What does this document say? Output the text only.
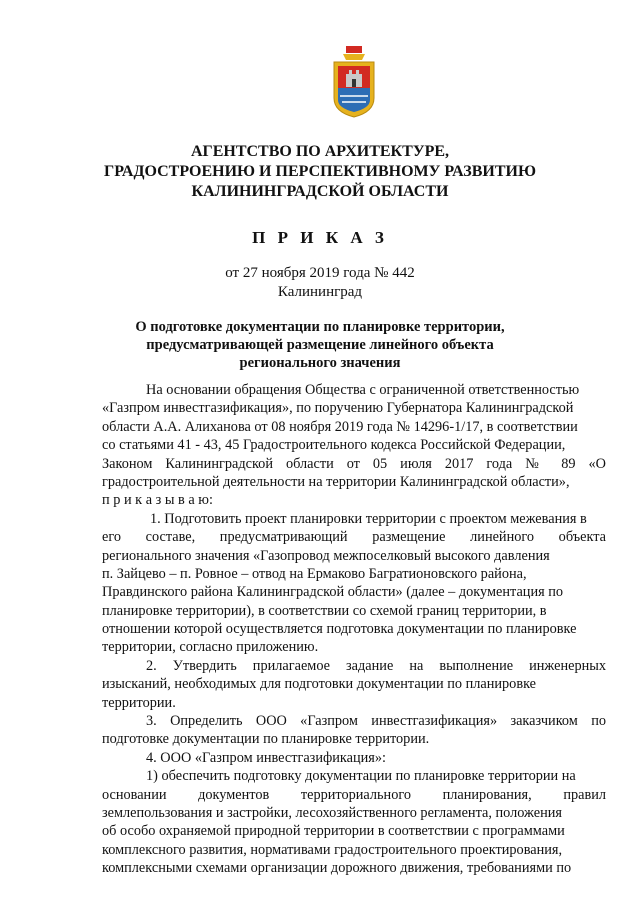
АГЕНТСТВО ПО АРХИТЕКТУРЕ,
ГРАДОСТРОЕНИЮ И ПЕРСПЕКТИВНОМУ РАЗВИТИЮ
КАЛИНИНГРАДСКОЙ ОБЛАСТИ
П Р И К А З
от 27 ноября 2019 года № 442
Калининград
О подготовке документации по планировке территории,
предусматривающей размещение линейного объекта
регионального значения
На основании обращения Общества с ограниченной ответственностью
«Газпром инвестгазификация», по поручению Губернатора Калининградской
области А.А. Алиханова от 08 ноября 2019 года № 14296-1/17, в соответствии
со статьями 41 - 43, 45 Градостроительного кодекса Российской Федерации,
Законом Калининградской области от 05 июля 2017 года № 89 «О
градостроительной деятельности на территории Калининградской области»,
п р и к а з ы в а ю:
1. Подготовить проект планировки территории с проектом межевания в
его составе, предусматривающий размещение линейного объекта
регионального значения «Газопровод межпоселковый высокого давления
п. Зайцево – п. Ровное – отвод на Ермаково Багратионовского района,
Правдинского района Калининградской области» (далее – документация по
планировке территории), в соответствии со схемой границ территории, в
отношении которой осуществляется подготовка документации по планировке
территории, согласно приложению.
2. Утвердить прилагаемое задание на выполнение инженерных
изысканий, необходимых для подготовки документации по планировке
территории.
3. Определить ООО «Газпром инвестгазификация» заказчиком по
подготовке документации по планировке территории.
4. ООО «Газпром инвестгазификация»:
1) обеспечить подготовку документации по планировке территории на
основании документов территориального планирования, правил
землепользования и застройки, лесохозяйственного регламента, положения
об особо охраняемой природной территории в соответствии с программами
комплексного развития, нормативами градостроительного проектирования,
комплексными схемами организации дорожного движения, требованиями по
